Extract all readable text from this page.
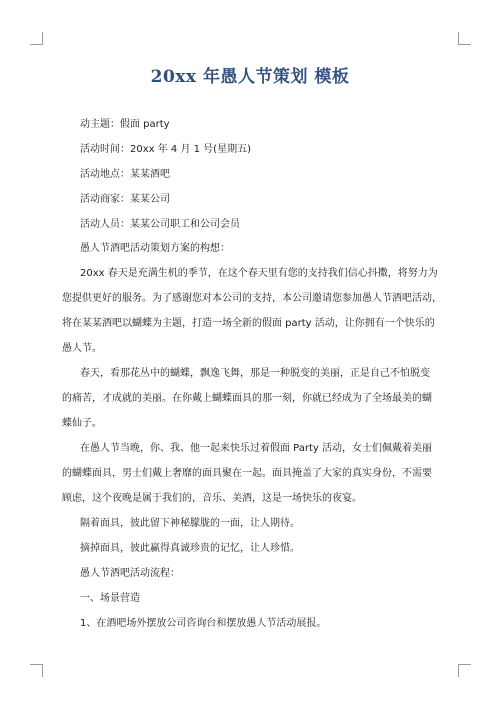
20xx 年愚人节策划 模板
动主题：假面 party
活动时间：20xx 年 4 月 1 号(星期五)
活动地点：某某酒吧
活动商家：某某公司
活动人员：某某公司职工和公司会员
愚人节酒吧活动策划方案的构想：
20xx 春天是充满生机的季节，在这个春天里有您的支持我们信心抖擞，将努力为
您提供更好的服务。为了感谢您对本公司的支持，本公司邀请您参加愚人节酒吧活动，
将在某某酒吧以蝴蝶为主题，打造一场全新的假面 party 活动，让你拥有一个快乐的
愚人节。
春天，看那花丛中的蝴蝶，飘逸飞舞，那是一种脱变的美丽，正是自己不怕脱变
的痛苦，才成就的美丽。在你戴上蝴蝶面具的那一刻，你就已经成为了全场最美的蝴
蝶仙子。
在愚人节当晚，你、我、他一起来快乐过着假面 Party 活动，女士们佩戴着美丽
的蝴蝶面具，男士们戴上奢靡的面具聚在一起。面具掩盖了大家的真实身份，不需要
顾虑，这个夜晚是属于我们的，音乐、美酒，这是一场快乐的夜宴。
隔着面具，彼此留下神秘朦胧的一面，让人期待。
摘掉面具，彼此赢得真诚珍贵的记忆，让人珍惜。
愚人节酒吧活动流程：
一、场景营造
1、在酒吧场外摆放公司咨询台和摆放愚人节活动展报。
